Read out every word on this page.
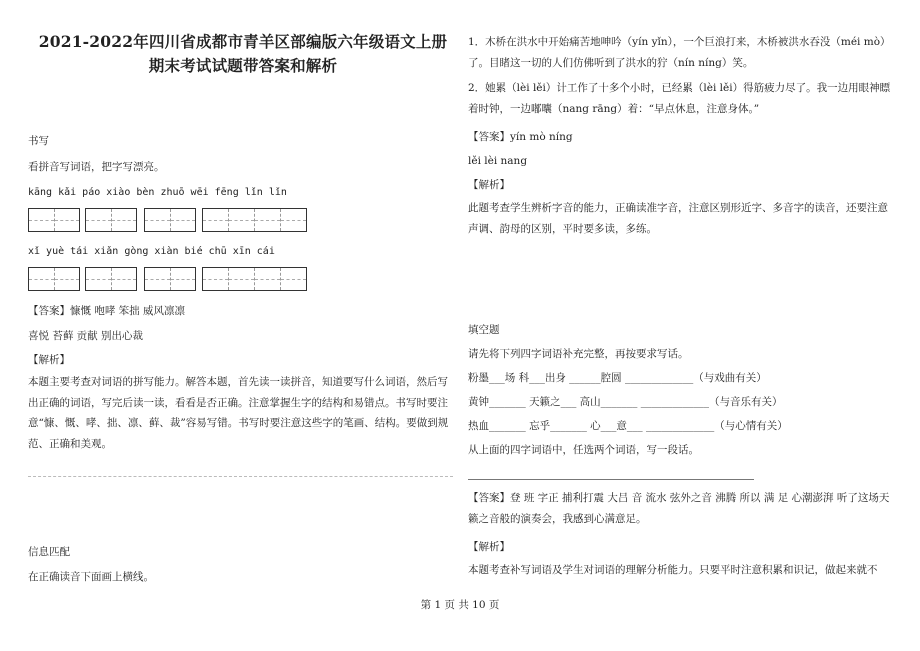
2021-2022年四川省成都市青羊区部编版六年级语文上册
期末考试试题带答案和解析
书写
看拼音写词语，把字写漂亮。
kāng kǎi páo xiào bèn zhuō wēi fēng lǐn lǐn
xǐ yuè tái xiǎn gòng xiàn bié chū xīn cái
【答案】慷慨 咆哮 笨拙 威风凛凛
喜悦 苔藓 贡献 别出心裁
【解析】
本题主要考查对词语的拼写能力。解答本题，首先读一读拼音，知道要写什么词语，然后写出正确的词语，写完后读一读，看看是否正确。注意掌握生字的结构和易错点。书写时要注意“慷、慨、哮、拙、凛、藓、裁”容易写错。书写时要注意这些字的笔画、结构。要做到规范、正确和美观。
信息匹配
在正确读音下面画上横线。
1．木桥在洪水中开始痛苦地呻吟（yín yǐn），一个巨浪打来，木桥被洪水吞没（méi mò）了。目睹这一切的人们仿佛听到了洪水的狞（nín níng）笑。
2．她累（lèi lěi）计工作了十多个小时，已经累（lèi lěi）得筋疲力尽了。我一边用眼神瞟着时钟，一边嘟囔（nang rāng）着：“早点休息，注意身体。”
【答案】yín mò níng
lěi lèi nang
【解析】
此题考查学生辨析字音的能力，正确读准字音，注意区别形近字、多音字的读音，还要注意声调、韵母的区别，平时要多读，多练。
填空题
请先将下列四字词语补充完整，再按要求写话。
粉墨___场 科___出身 ______腔圆 _____________（与戏曲有关）
黄钟_______ 天籁之___ 高山_______ _____________（与音乐有关）
热血_______ 忘乎_______ 心___意___ _____________（与心情有关）
从上面的四字词语中，任选两个词语，写一段话。
【答案】登 班 字正 捕利打震 大吕 音 流水 弦外之音 沸腾 所以 满 足 心潮澎湃 听了这场天籁之音般的演奏会，我感到心满意足。
【解析】
本题考查补写词语及学生对词语的理解分析能力。只要平时注意积累和识记，做起来就不
第 1 页 共 10 页
